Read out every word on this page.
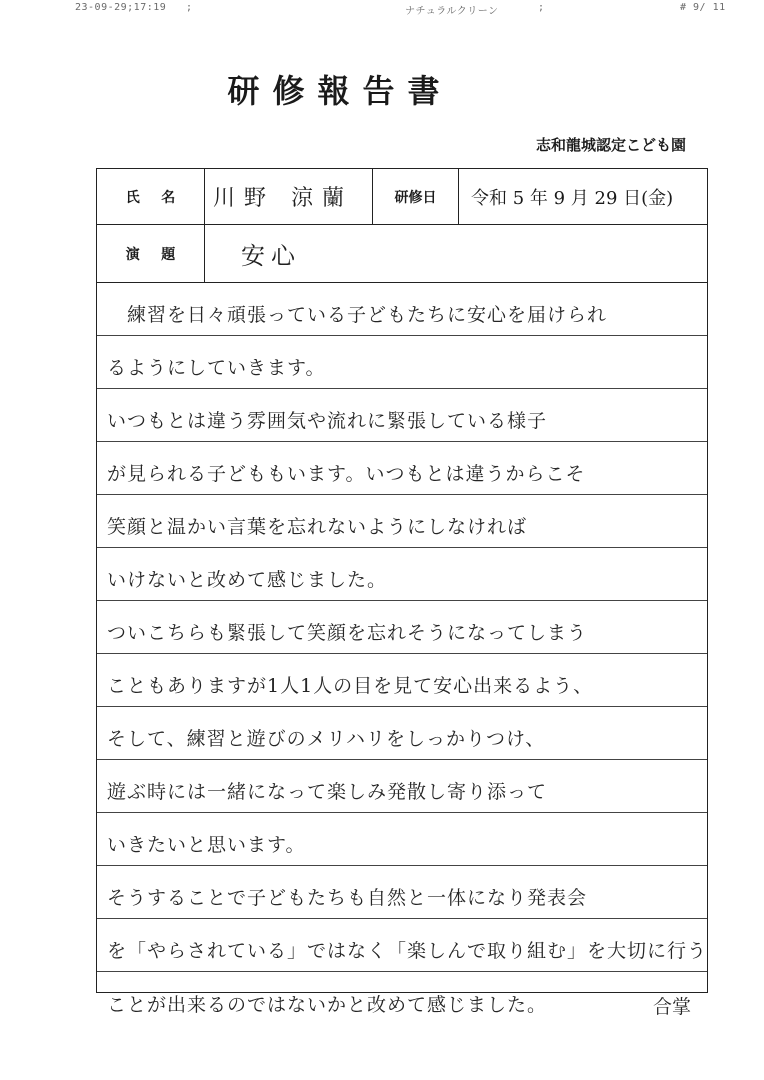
23-09-29;17:19 ;	ナチュラルクリーン	;	# 9/ 11
研修報告書
志和龍城認定こども園
氏 名	川野 涼蘭	研修日	令和 5 年 9 月 29 日(金)
演 題	安心
　練習を日々頑張っている子どもたちに安心を届けられ
るようにしていきます。
いつもとは違う雰囲気や流れに緊張している様子
が見られる子どももいます。いつもとは違うからこそ
笑顔と温かい言葉を忘れないようにしなければ
いけないと改めて感じました。
ついこちらも緊張して笑顔を忘れそうになってしまう
こともありますが1人1人の目を見て安心出来るよう、
そして、練習と遊びのメリハリをしっかりつけ、
遊ぶ時には一緒になって楽しみ発散し寄り添って
いきたいと思います。
そうすることで子どもたちも自然と一体になり発表会
を「やらされている」ではなく「楽しんで取り組む」を大切に行う
ことが出来るのではないかと改めて感じました。	合掌
